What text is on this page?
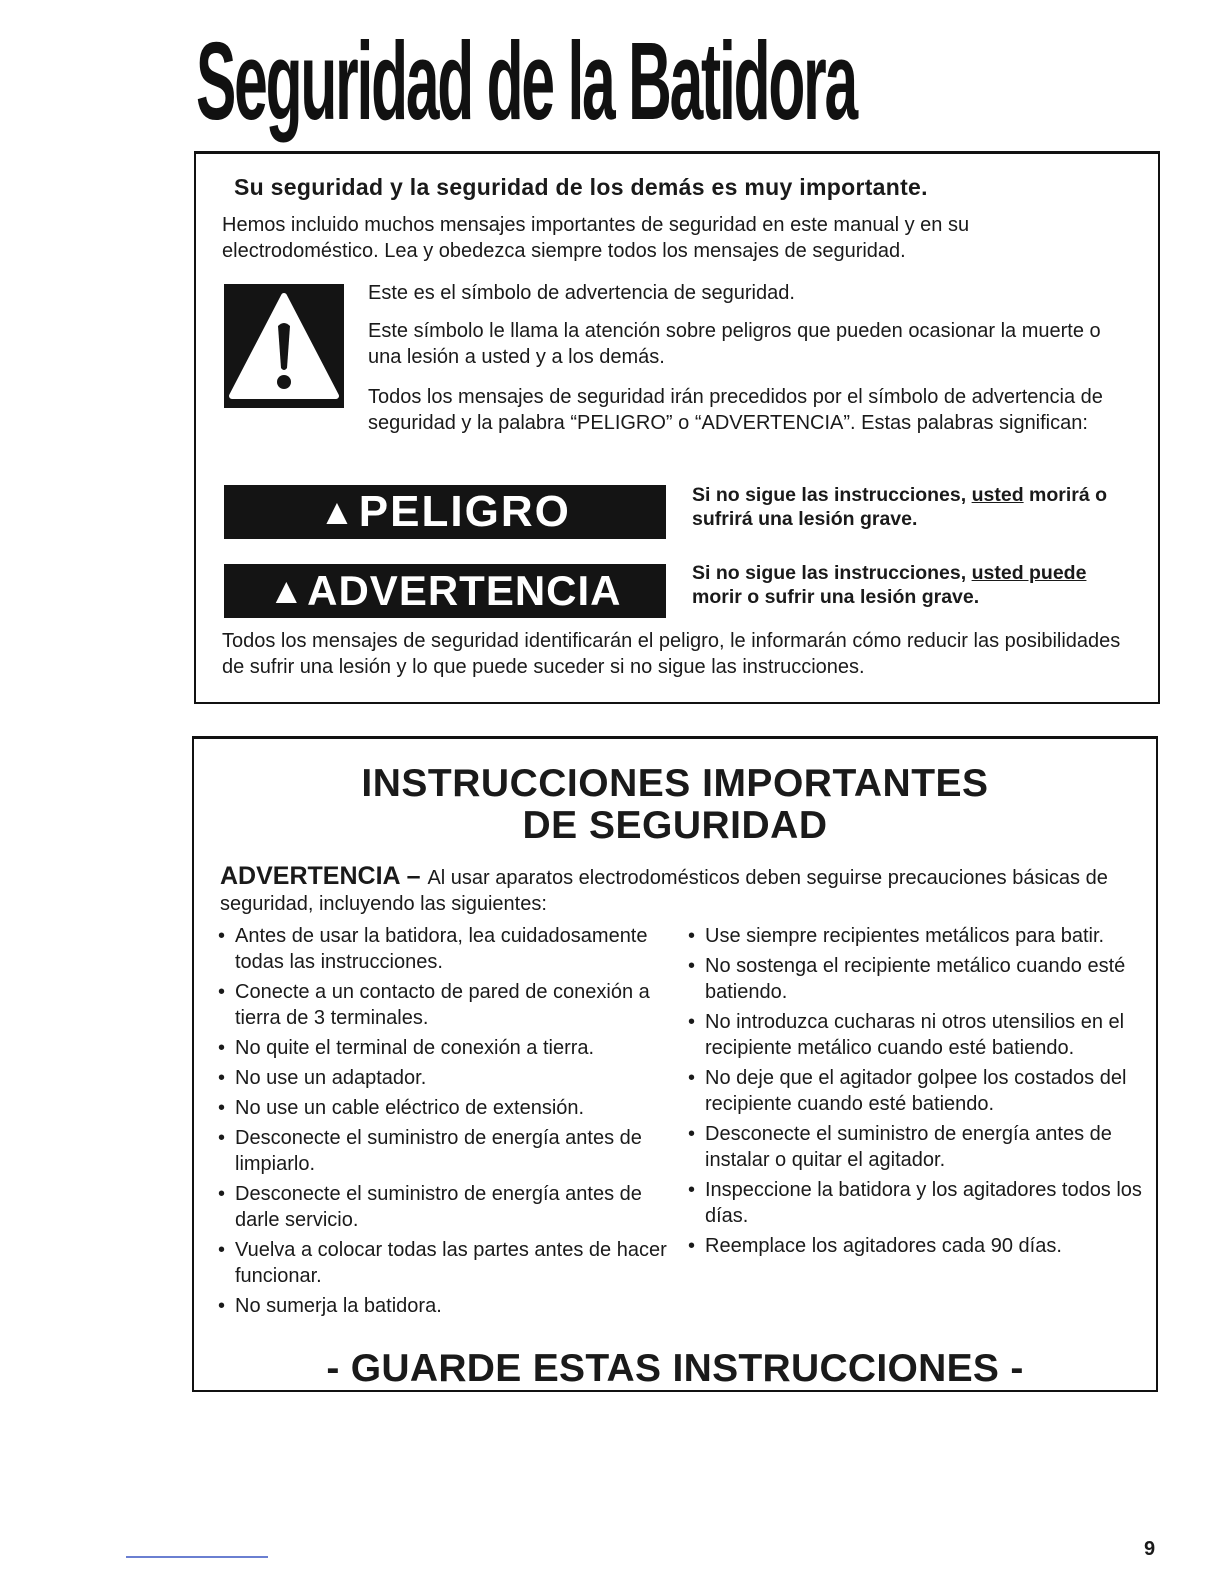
Seguridad de la Batidora

Su seguridad y la seguridad de los demás es muy importante.

Hemos incluido muchos mensajes importantes de seguridad en este manual y en su electrodoméstico. Lea y obedezca siempre todos los mensajes de seguridad.

Este es el símbolo de advertencia de seguridad.

Este símbolo le llama la atención sobre peligros que pueden ocasionar la muerte o una lesión a usted y a los demás.

Todos los mensajes de seguridad irán precedidos por el símbolo de advertencia de seguridad y la palabra “PELIGRO” o “ADVERTENCIA”. Estas palabras significan:

▲ PELIGRO	Si no sigue las instrucciones, usted morirá o sufrirá una lesión grave.

▲ ADVERTENCIA	Si no sigue las instrucciones, usted puede morir o sufrir una lesión grave.

Todos los mensajes de seguridad identificarán el peligro, le informarán cómo reducir las posibilidades de sufrir una lesión y lo que puede suceder si no sigue las instrucciones.

INSTRUCCIONES IMPORTANTES
DE SEGURIDAD

ADVERTENCIA – Al usar aparatos electrodomésticos deben seguirse precauciones básicas de seguridad, incluyendo las siguientes:

• Antes de usar la batidora, lea cuidadosamente todas las instrucciones.
• Conecte a un contacto de pared de conexión a tierra de 3 terminales.
• No quite el terminal de conexión a tierra.
• No use un adaptador.
• No use un cable eléctrico de extensión.
• Desconecte el suministro de energía antes de limpiarlo.
• Desconecte el suministro de energía antes de darle servicio.
• Vuelva a colocar todas las partes antes de hacer funcionar.
• No sumerja la batidora.
• Use siempre recipientes metálicos para batir.
• No sostenga el recipiente metálico cuando esté batiendo.
• No introduzca cucharas ni otros utensilios en el recipiente metálico cuando esté batiendo.
• No deje que el agitador golpee los costados del recipiente cuando esté batiendo.
• Desconecte el suministro de energía antes de instalar o quitar el agitador.
• Inspeccione la batidora y los agitadores todos los días.
• Reemplace los agitadores cada 90 días.

- GUARDE ESTAS INSTRUCCIONES -

9
